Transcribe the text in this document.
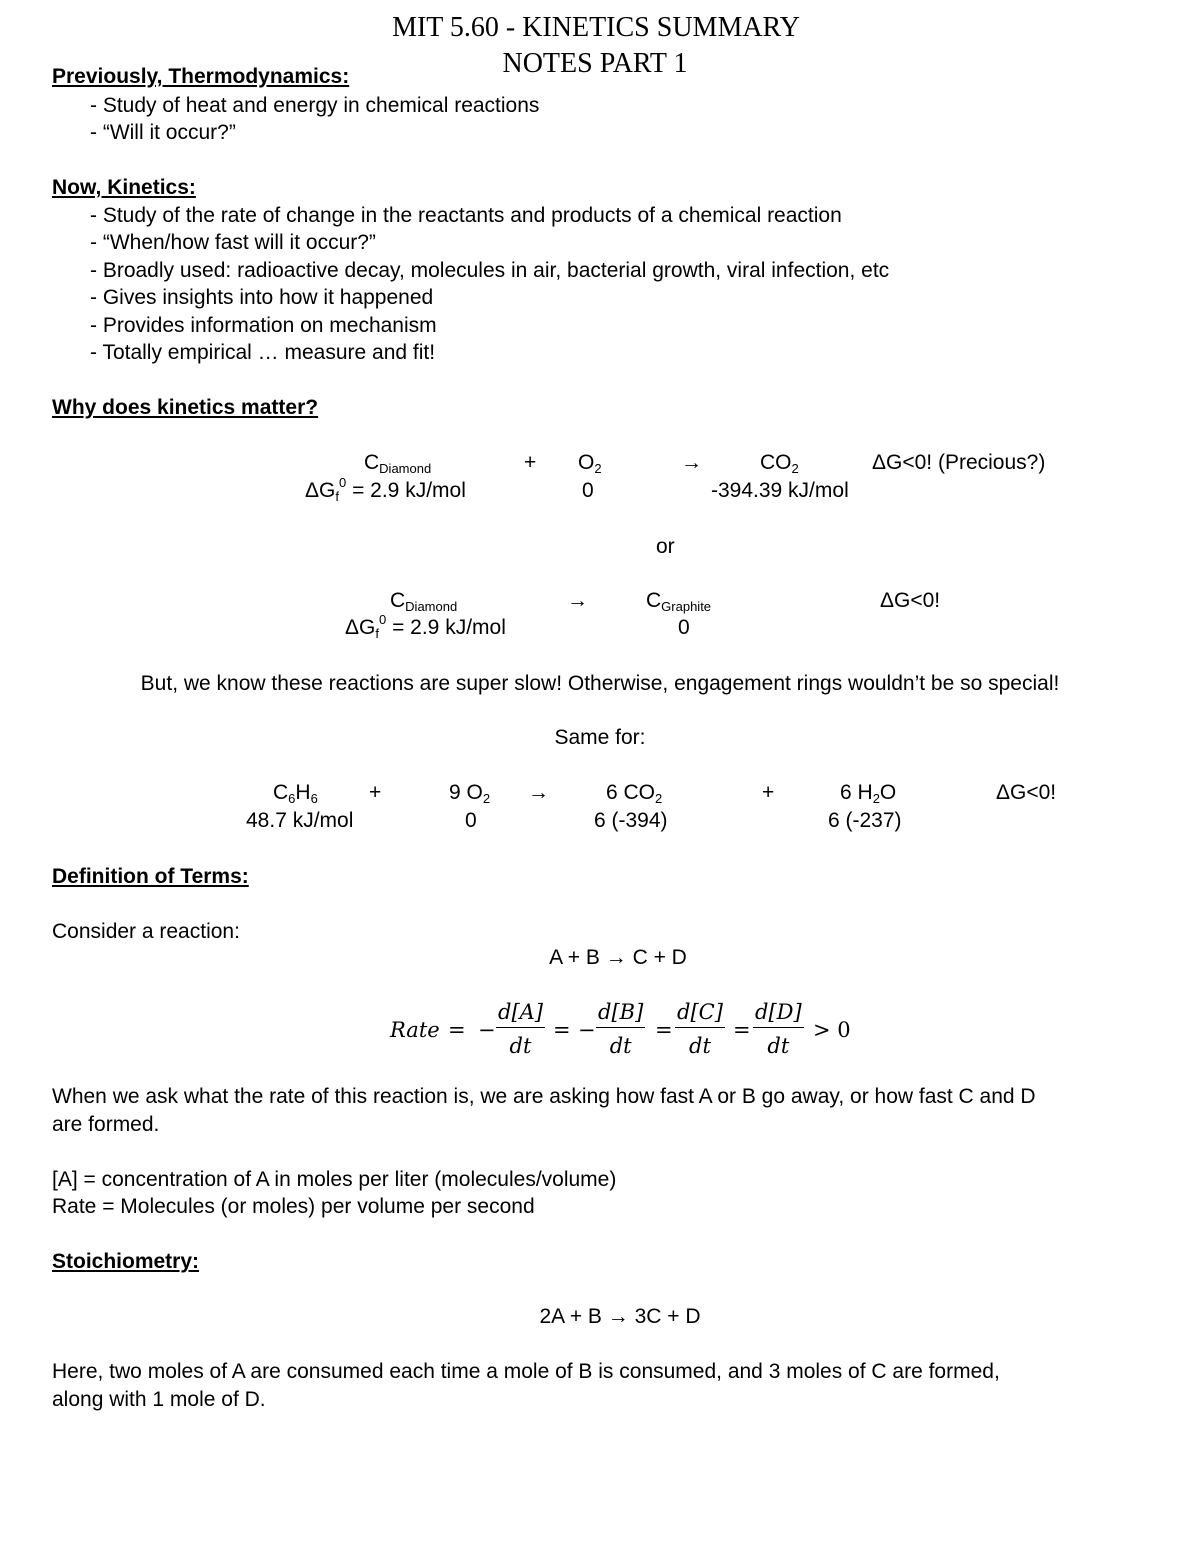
MIT 5.60 - KINETICS SUMMARY
NOTES PART 1
Previously, Thermodynamics:
- Study of heat and energy in chemical reactions
- “Will it occur?”
Now, Kinetics:
- Study of the rate of change in the reactants and products of a chemical reaction
- “When/how fast will it occur?”
- Broadly used: radioactive decay, molecules in air, bacterial growth, viral infection, etc
- Gives insights into how it happened
- Provides information on mechanism
- Totally empirical … measure and fit!
Why does kinetics matter?
$C_{Diamond}$	+ $O_2$	→	$CO_2$	ΔG<0! (Precious?)
$\Delta G_f^0 = 2.9$ kJ/mol	0	-394.39 kJ/mol
or
$C_{Diamond}$	→	$C_{Graphite}$	ΔG<0!
$\Delta G_f^0 = 2.9$ kJ/mol	0
But, we know these reactions are super slow! Otherwise, engagement rings wouldn’t be so special!
Same for:
$C_6H_6$ +	9 $O_2$ →	6 $CO_2$	+	6 $H_2O$	ΔG<0!
48.7 kJ/mol	0	6 (-394)	6 (-237)
Definition of Terms:
Consider a reaction:
A + B → C + D
Rate = − $\frac{d[A]}{dt}$ = − $\frac{d[B]}{dt} = \frac{d[C]}{dt} = \frac{d[D]}{dt} > 0$
When we ask what the rate of this reaction is, we are asking how fast A or B go away, or how fast C and D
are formed.
[A] = concentration of A in moles per liter (molecules/volume)
Rate = Molecules (or moles) per volume per second
Stoichiometry:
2A + B → 3C + D
Here, two moles of A are consumed each time a mole of B is consumed, and 3 moles of C are formed,
along with 1 mole of D.
